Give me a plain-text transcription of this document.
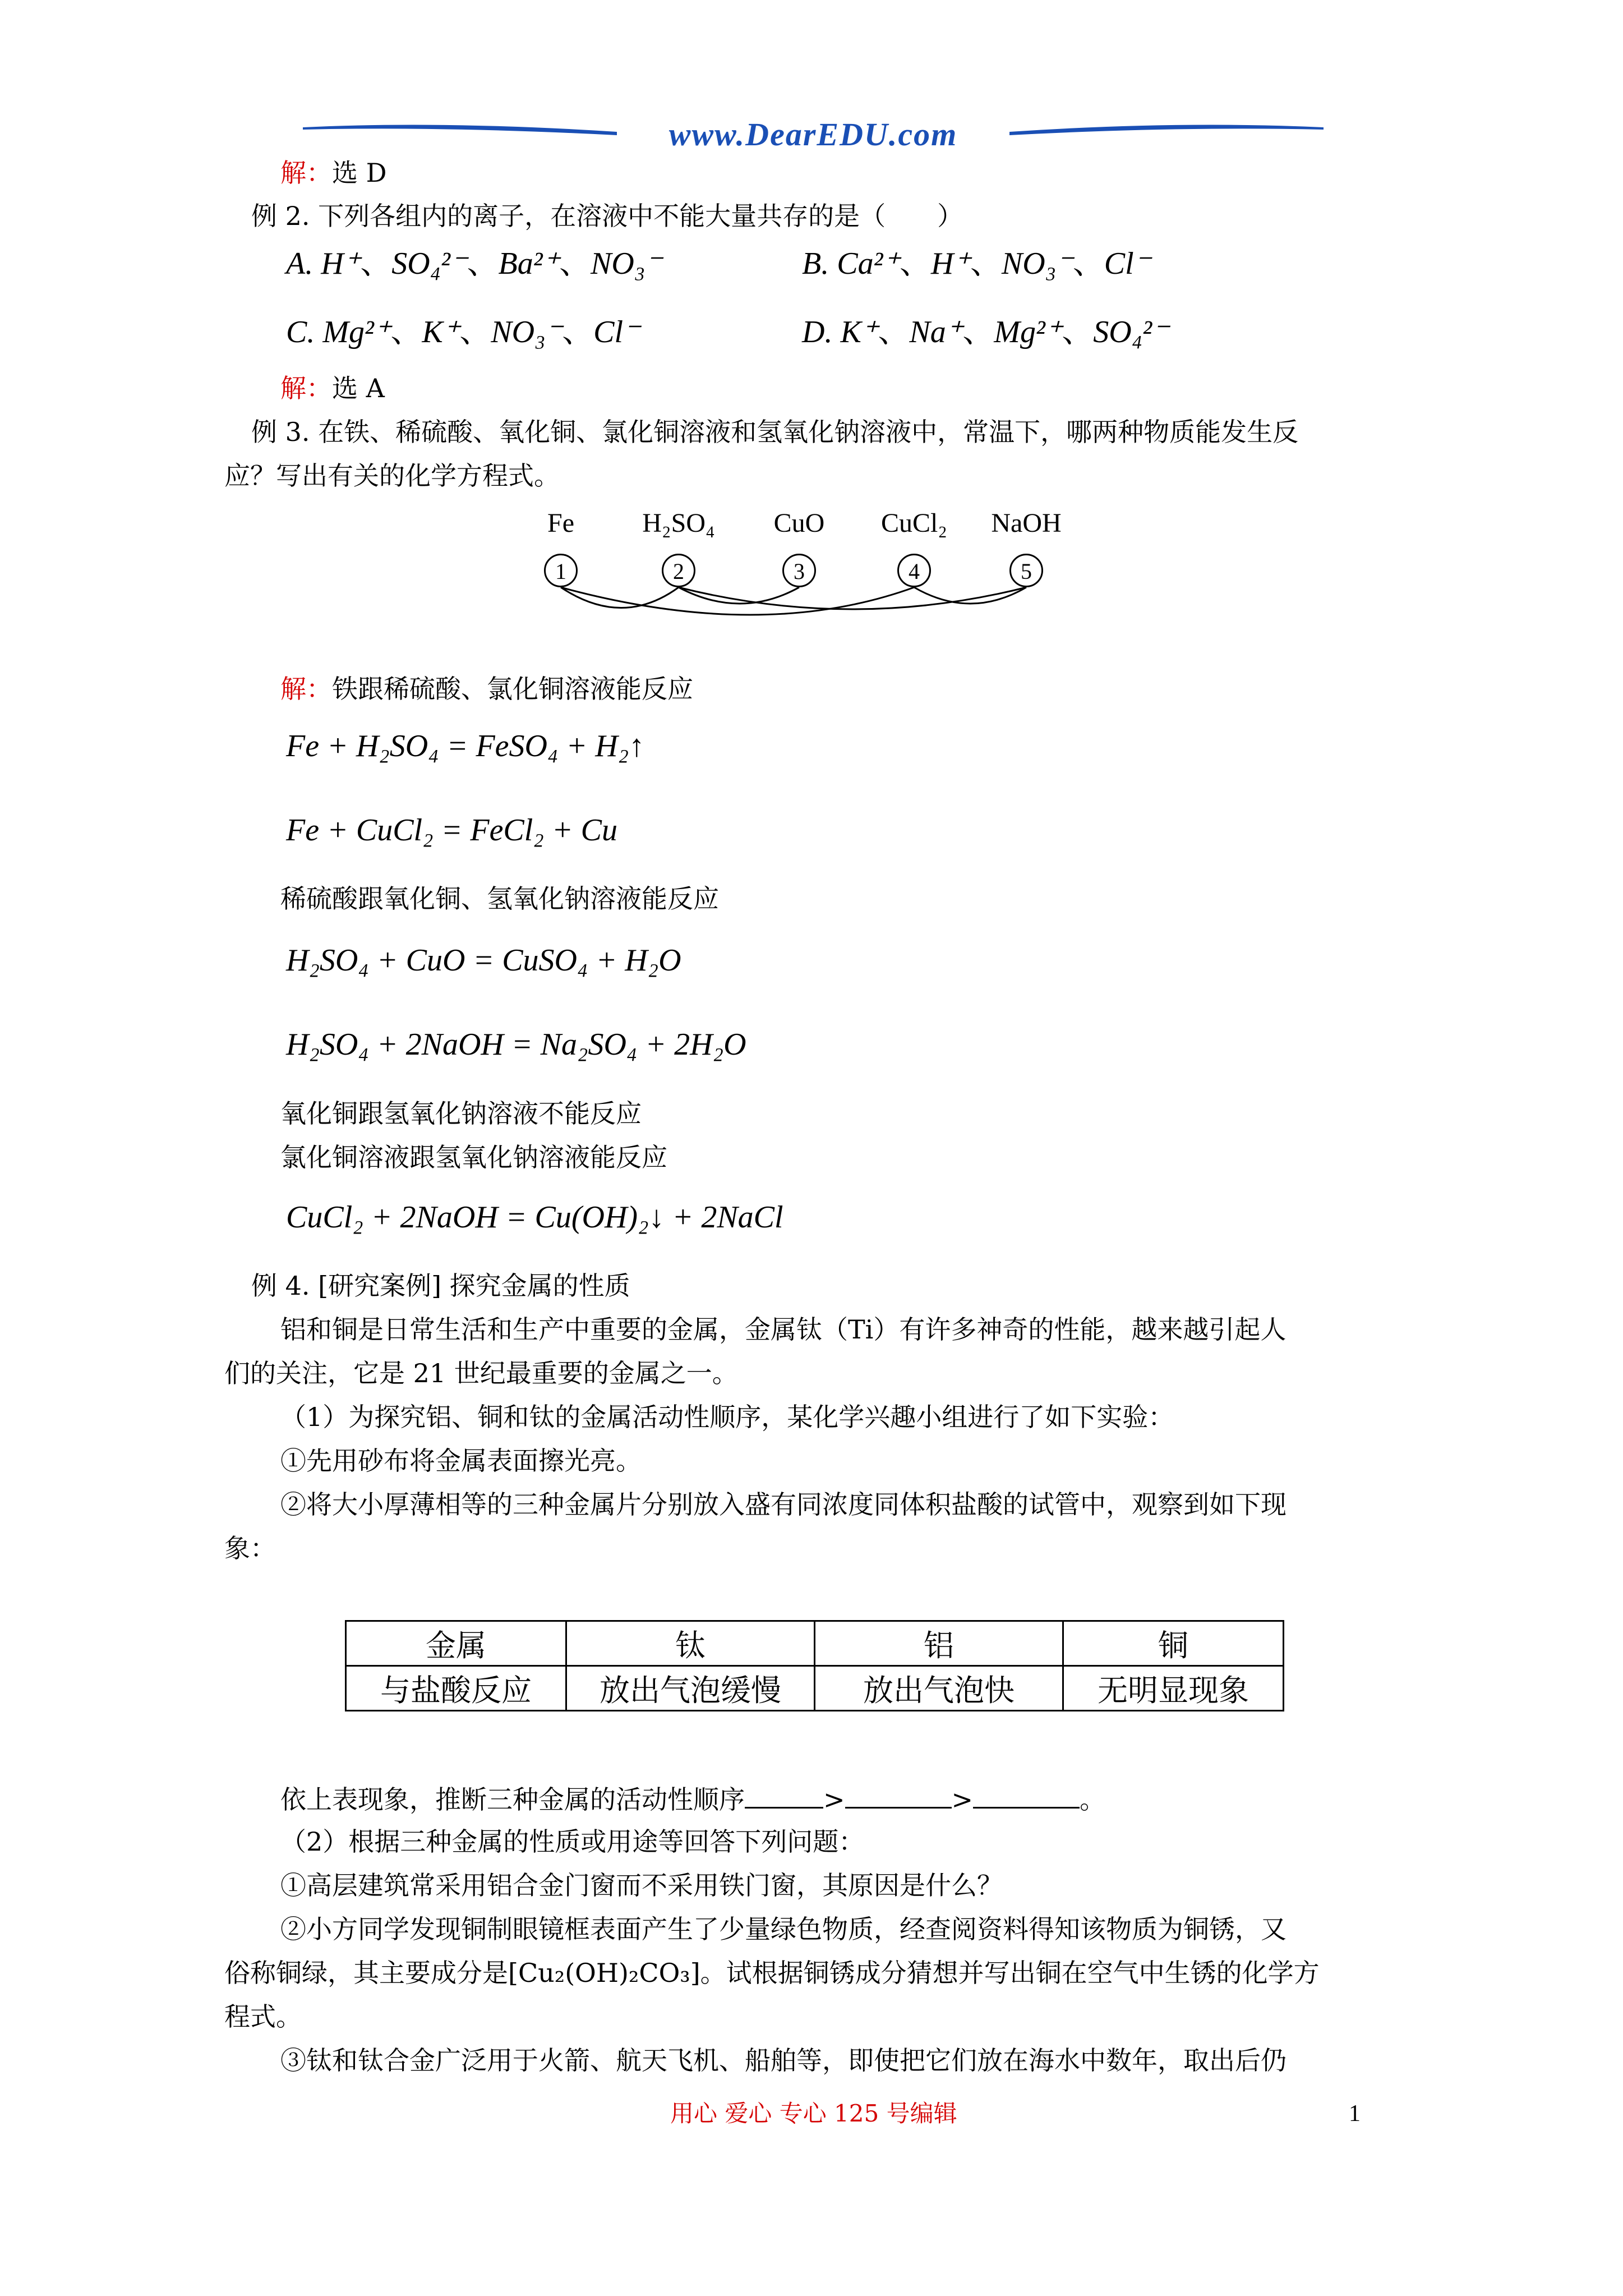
www.DearEDU.com
解：选 D
例 2. 下列各组内的离子，在溶液中不能大量共存的是（　　）
A. H⁺、SO₄²⁻、Ba²⁺、NO₃⁻	B. Ca²⁺、H⁺、NO₃⁻、Cl⁻
C. Mg²⁺、K⁺、NO₃⁻、Cl⁻	D. K⁺、Na⁺、Mg²⁺、SO₄²⁻
解：选 A
例 3. 在铁、稀硫酸、氧化铜、氯化铜溶液和氢氧化钠溶液中，常温下，哪两种物质能发生反
应？写出有关的化学方程式。
Fe	H₂SO₄	CuO	CuCl₂	NaOH
1	2	3	4	5
解：铁跟稀硫酸、氯化铜溶液能反应
Fe + H₂SO₄ = FeSO₄ + H₂↑
Fe + CuCl₂ = FeCl₂ + Cu
稀硫酸跟氧化铜、氢氧化钠溶液能反应
H₂SO₄ + CuO = CuSO₄ + H₂O
H₂SO₄ + 2NaOH = Na₂SO₄ + 2H₂O
氧化铜跟氢氧化钠溶液不能反应
氯化铜溶液跟氢氧化钠溶液能反应
CuCl₂ + 2NaOH = Cu(OH)₂↓ + 2NaCl
例 4. [研究案例] 探究金属的性质
铝和铜是日常生活和生产中重要的金属，金属钛（Ti）有许多神奇的性能，越来越引起人
们的关注，它是 21 世纪最重要的金属之一。
（1）为探究铝、铜和钛的金属活动性顺序，某化学兴趣小组进行了如下实验：
①先用砂布将金属表面擦光亮。
②将大小厚薄相等的三种金属片分别放入盛有同浓度同体积盐酸的试管中，观察到如下现
象：
金属	钛	铝	铜
与盐酸反应	放出气泡缓慢	放出气泡快	无明显现象
依上表现象，推断三种金属的活动性顺序	>	>	。
（2）根据三种金属的性质或用途等回答下列问题：
①高层建筑常采用铝合金门窗而不采用铁门窗，其原因是什么？
②小方同学发现铜制眼镜框表面产生了少量绿色物质，经查阅资料得知该物质为铜锈，又
俗称铜绿，其主要成分是[Cu₂(OH)₂CO₃]。试根据铜锈成分猜想并写出铜在空气中生锈的化学方
程式。
③钛和钛合金广泛用于火箭、航天飞机、船舶等，即使把它们放在海水中数年，取出后仍
用心 爱心 专心 125 号编辑	1
